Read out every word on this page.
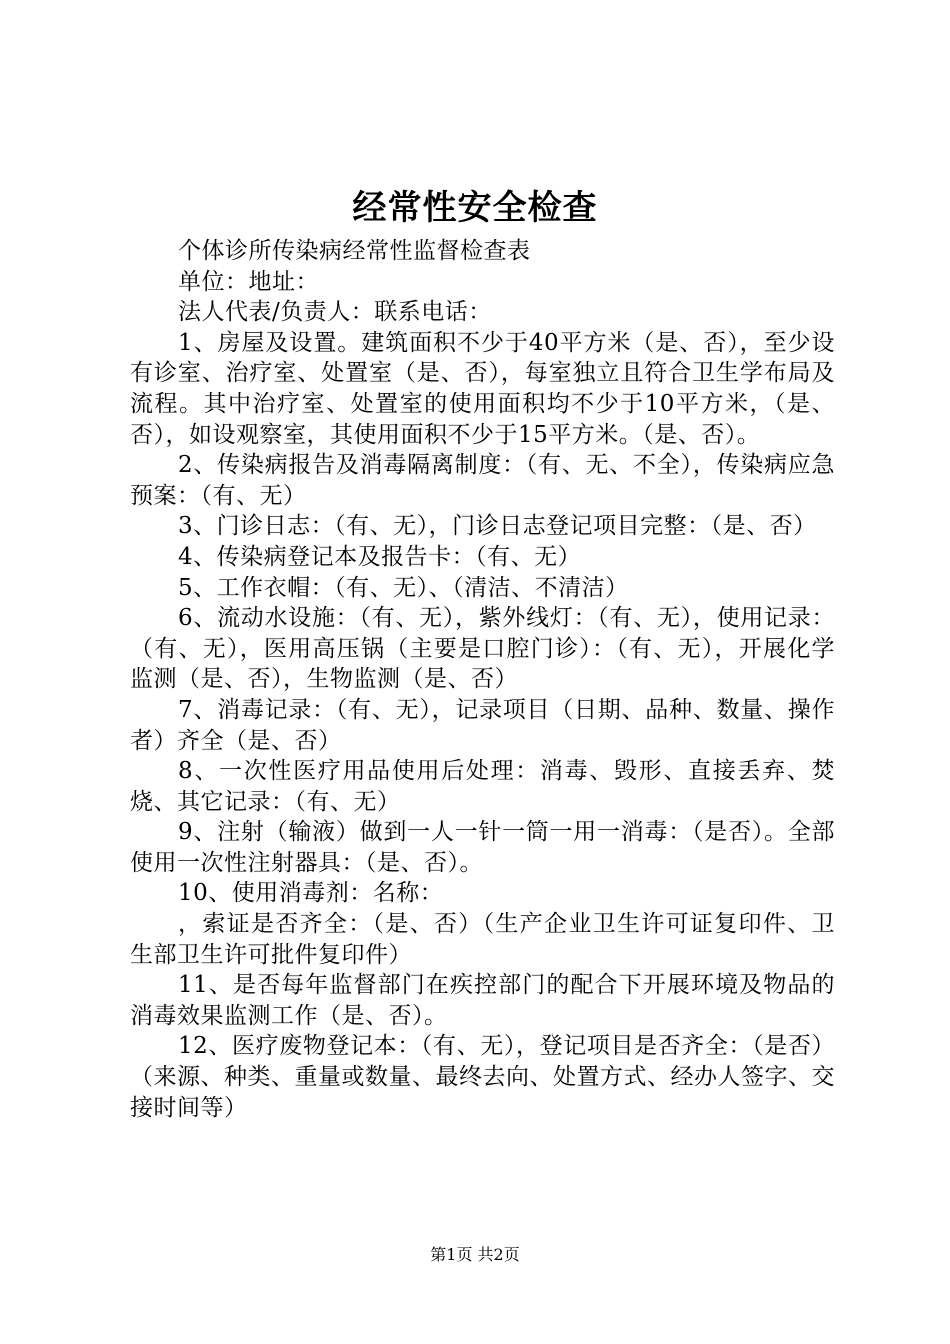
经常性安全检查

个体诊所传染病经常性监督检查表

单位：地址：

法人代表/负责人：联系电话：

1、房屋及设置。建筑面积不少于40平方米（是、否），至少设有诊室、治疗室、处置室（是、否），每室独立且符合卫生学布局及流程。其中治疗室、处置室的使用面积均不少于10平方米，（是、否），如设观察室，其使用面积不少于15平方米。（是、否）。

2、传染病报告及消毒隔离制度：（有、无、不全），传染病应急预案：（有、无）

3、门诊日志：（有、无），门诊日志登记项目完整：（是、否）

4、传染病登记本及报告卡：（有、无）

5、工作衣帽：（有、无）、（清洁、不清洁）

6、流动水设施：（有、无），紫外线灯：（有、无），使用记录：（有、无），医用高压锅（主要是口腔门诊）：（有、无），开展化学监测（是、否），生物监测（是、否）

7、消毒记录：（有、无），记录项目（日期、品种、数量、操作者）齐全（是、否）

8、一次性医疗用品使用后处理：消毒、毁形、直接丢弃、焚烧、其它记录：（有、无）

9、注射（输液）做到一人一针一筒一用一消毒：（是否）。全部使用一次性注射器具：（是、否）。

10、使用消毒剂：名称：

，索证是否齐全：（是、否）（生产企业卫生许可证复印件、卫生部卫生许可批件复印件）

11、是否每年监督部门在疾控部门的配合下开展环境及物品的消毒效果监测工作（是、否）。

12、医疗废物登记本：（有、无），登记项目是否齐全：（是否）（来源、种类、重量或数量、最终去向、处置方式、经办人签字、交接时间等）

第1页 共2页
